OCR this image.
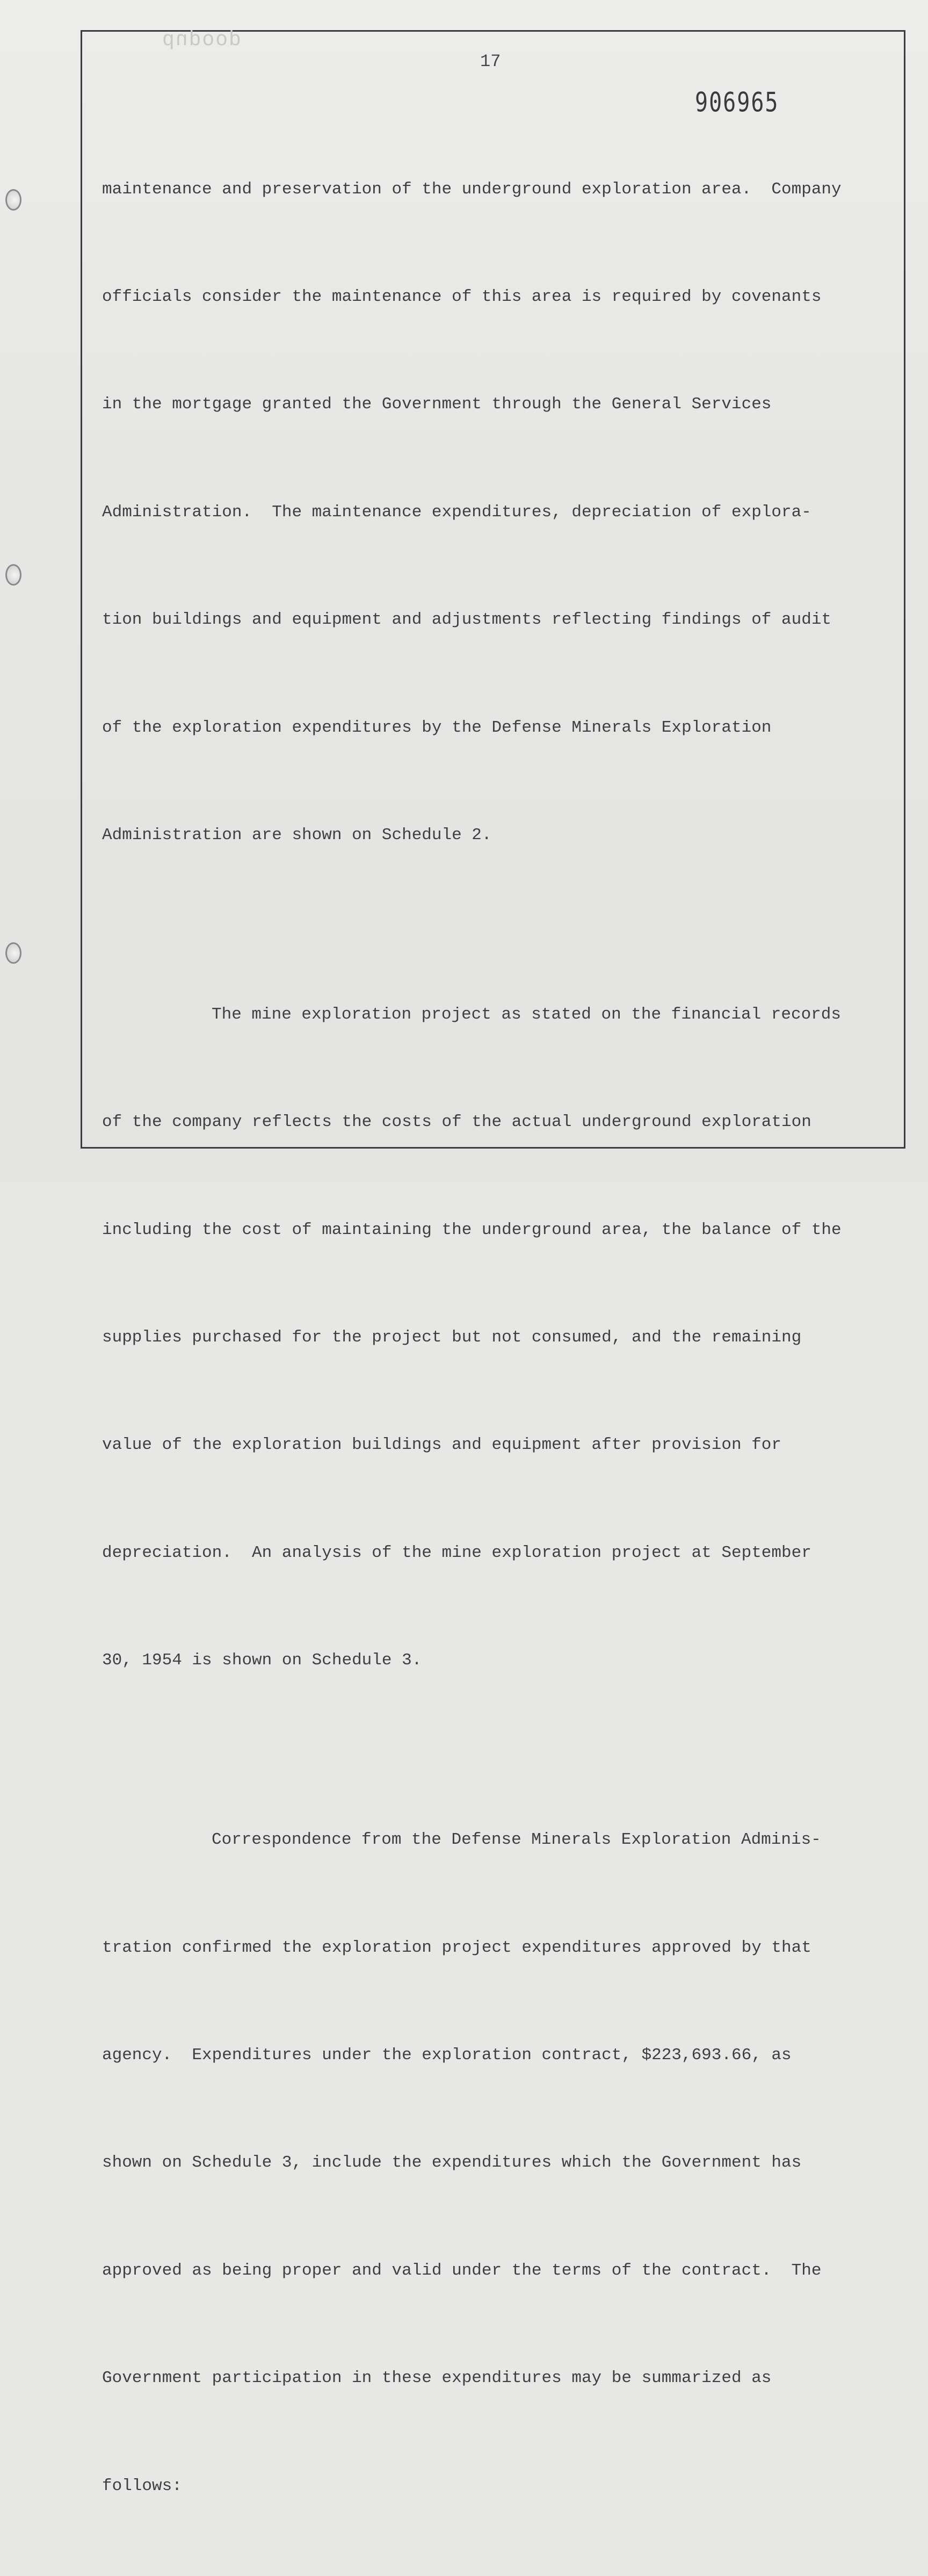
dupoop
17
906965

maintenance and preservation of the underground exploration area.  Company

officials consider the maintenance of this area is required by covenants

in the mortgage granted the Government through the General Services

Administration.  The maintenance expenditures, depreciation of explora-

tion buildings and equipment and adjustments reflecting findings of audit

of the exploration expenditures by the Defense Minerals Exploration

Administration are shown on Schedule 2.

The mine exploration project as stated on the financial records

of the company reflects the costs of the actual underground exploration

including the cost of maintaining the underground area, the balance of the

supplies purchased for the project but not consumed, and the remaining

value of the exploration buildings and equipment after provision for

depreciation.  An analysis of the mine exploration project at September

30, 1954 is shown on Schedule 3.

Correspondence from the Defense Minerals Exploration Adminis-

tration confirmed the exploration project expenditures approved by that

agency.  Expenditures under the exploration contract, $223,693.66, as

shown on Schedule 3, include the expenditures which the Government has

approved as being proper and valid under the terms of the contract.  The

Government participation in these expenditures may be summarized as

follows:
